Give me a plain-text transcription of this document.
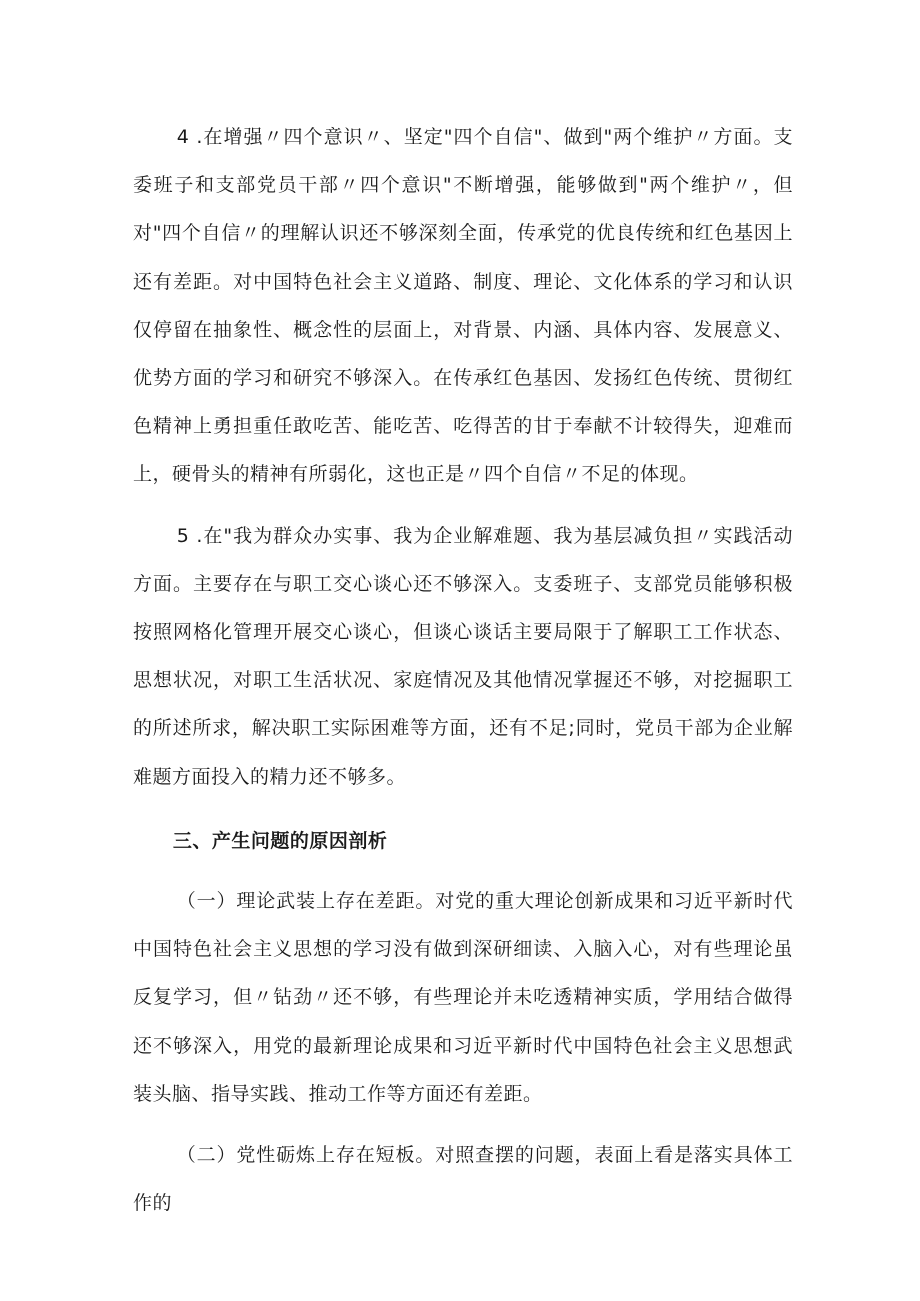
4 .在增强〃四个意识〃、坚定"四个自信"、做到"两个维护〃方面。支委班子和支部党员干部〃四个意识"不断增强，能够做到"两个维护〃，但对"四个自信〃的理解认识还不够深刻全面，传承党的优良传统和红色基因上还有差距。对中国特色社会主义道路、制度、理论、文化体系的学习和认识仅停留在抽象性、概念性的层面上，对背景、内涵、具体内容、发展意义、优势方面的学习和研究不够深入。在传承红色基因、发扬红色传统、贯彻红色精神上勇担重任敢吃苦、能吃苦、吃得苦的甘于奉献不计较得失，迎难而上，硬骨头的精神有所弱化，这也正是〃四个自信〃不足的体现。

5 .在"我为群众办实事、我为企业解难题、我为基层减负担〃实践活动方面。主要存在与职工交心谈心还不够深入。支委班子、支部党员能够积极按照网格化管理开展交心谈心，但谈心谈话主要局限于了解职工工作状态、思想状况，对职工生活状况、家庭情况及其他情况掌握还不够，对挖掘职工的所述所求，解决职工实际困难等方面，还有不足;同时，党员干部为企业解难题方面投入的精力还不够多。

三、产生问题的原因剖析

（一）理论武装上存在差距。对党的重大理论创新成果和习近平新时代中国特色社会主义思想的学习没有做到深研细读、入脑入心，对有些理论虽反复学习，但〃钻劲〃还不够，有些理论并未吃透精神实质，学用结合做得还不够深入，用党的最新理论成果和习近平新时代中国特色社会主义思想武装头脑、指导实践、推动工作等方面还有差距。

（二）党性砺炼上存在短板。对照查摆的问题，表面上看是落实具体工作的
